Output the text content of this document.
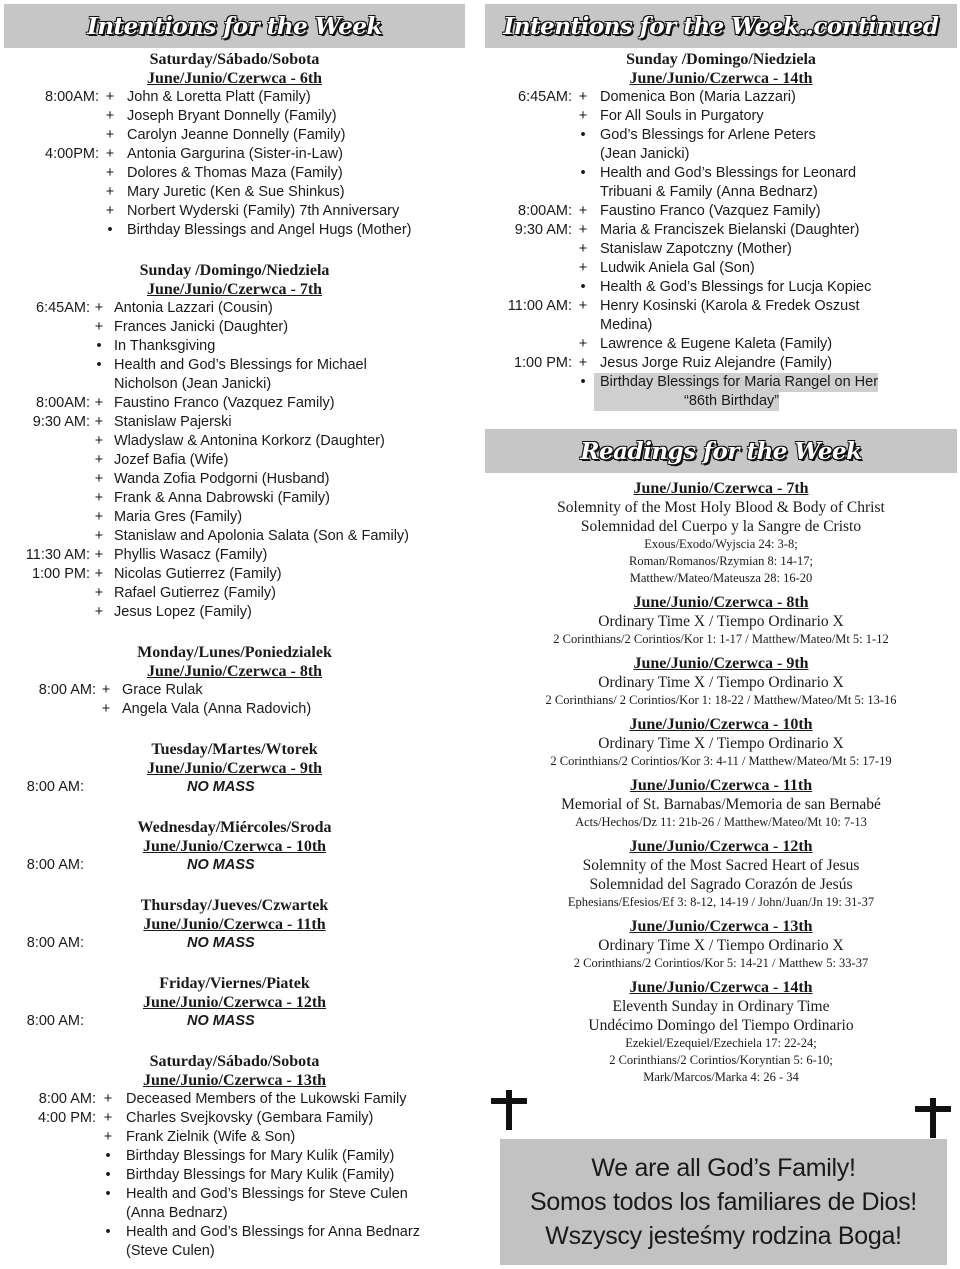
Intentions for the Week
Saturday/Sábado/Sobota
June/Junio/Czerwca - 6th
8:00AM: + John & Loretta Platt (Family)
+ Joseph Bryant Donnelly (Family)
+ Carolyn Jeanne Donnelly (Family)
4:00PM: + Antonia Gargurina (Sister-in-Law)
+ Dolores & Thomas Maza (Family)
+ Mary Juretic (Ken & Sue Shinkus)
+ Norbert Wyderski (Family) 7th Anniversary
• Birthday Blessings and Angel Hugs (Mother)
Sunday /Domingo/Niedziela
June/Junio/Czerwca - 7th
6:45AM: + Antonia Lazzari (Cousin)
+ Frances Janicki (Daughter)
• In Thanksgiving
• Health and God’s Blessings for Michael
Nicholson (Jean Janicki)
8:00AM: + Faustino Franco (Vazquez Family)
9:30 AM: + Stanislaw Pajerski
+ Wladyslaw & Antonina Korkorz (Daughter)
+ Jozef Bafia (Wife)
+ Wanda Zofia Podgorni (Husband)
+ Frank & Anna Dabrowski (Family)
+ Maria Gres (Family)
+ Stanislaw and Apolonia Salata (Son & Family)
11:30 AM: + Phyllis Wasacz (Family)
1:00 PM: + Nicolas Gutierrez (Family)
+ Rafael Gutierrez (Family)
+ Jesus Lopez (Family)
Monday/Lunes/Poniedzialek
June/Junio/Czerwca - 8th
8:00 AM: + Grace Rulak
+ Angela Vala (Anna Radovich)
Tuesday/Martes/Wtorek
June/Junio/Czerwca - 9th
8:00 AM:	NO MASS
Wednesday/Miércoles/Sroda
June/Junio/Czerwca - 10th
8:00 AM:	NO MASS
Thursday/Jueves/Czwartek
June/Junio/Czerwca - 11th
8:00 AM:	NO MASS
Friday/Viernes/Piatek
June/Junio/Czerwca - 12th
8:00 AM:	NO MASS
Saturday/Sábado/Sobota
June/Junio/Czerwca - 13th
8:00 AM: + Deceased Members of the Lukowski Family
4:00 PM: + Charles Svejkovsky (Gembara Family)
+ Frank Zielnik (Wife & Son)
•	Birthday Blessings for Mary Kulik (Family)
•	Birthday Blessings for Mary Kulik (Family)
•	Health and God’s Blessings for Steve Culen
(Anna Bednarz)
•	Health and God’s Blessings for Anna Bednarz
(Steve Culen)
Intentions for the Week..continued
Sunday /Domingo/Niedziela
June/Junio/Czerwca - 14th
6:45AM: + Domenica Bon (Maria Lazzari)
+ For All Souls in Purgatory
• God’s Blessings for Arlene Peters
(Jean Janicki)
• Health and God’s Blessings for Leonard
Tribuani & Family (Anna Bednarz)
8:00AM: + Faustino Franco (Vazquez Family)
9:30 AM: + Maria & Franciszek Bielanski (Daughter)
+ Stanislaw Zapotczny (Mother)
+ Ludwik Aniela Gal (Son)
• Health & God’s Blessings for Lucja Kopiec
11:00 AM: + Henry Kosinski (Karola & Fredek Oszust
Medina)
+ Lawrence & Eugene Kaleta (Family)
1:00 PM: + Jesus Jorge Ruiz Alejandre (Family)
• Birthday Blessings for Maria Rangel on Her
“86th Birthday”
Readings for the Week
June/Junio/Czerwca - 7th
Solemnity of the Most Holy Blood & Body of Christ
Solemnidad del Cuerpo y la Sangre de Cristo
Exous/Exodo/Wyjscia 24: 3-8;
Roman/Romanos/Rzymian 8: 14-17;
Matthew/Mateo/Mateusza 28: 16-20
June/Junio/Czerwca - 8th
Ordinary Time X / Tiempo Ordinario X
2 Corinthians/2 Corintios/Kor 1: 1-17 / Matthew/Mateo/Mt 5: 1-12
June/Junio/Czerwca - 9th
Ordinary Time X / Tiempo Ordinario X
2 Corinthians/ 2 Corintios/Kor 1: 18-22 / Matthew/Mateo/Mt 5: 13-16
June/Junio/Czerwca - 10th
Ordinary Time X / Tiempo Ordinario X
2 Corinthians/2 Corintios/Kor 3: 4-11 / Matthew/Mateo/Mt 5: 17-19
June/Junio/Czerwca - 11th
Memorial of St. Barnabas/Memoria de san Bernabé
Acts/Hechos/Dz 11: 21b-26 / Matthew/Mateo/Mt 10: 7-13
June/Junio/Czerwca - 12th
Solemnity of the Most Sacred Heart of Jesus
Solemnidad del Sagrado Corazón de Jesús
Ephesians/Efesios/Ef 3: 8-12, 14-19 / John/Juan/Jn 19: 31-37
June/Junio/Czerwca - 13th
Ordinary Time X / Tiempo Ordinario X
2 Corinthians/2 Corintios/Kor 5: 14-21 / Matthew 5: 33-37
June/Junio/Czerwca - 14th
Eleventh Sunday in Ordinary Time
Undécimo Domingo del Tiempo Ordinario
Ezekiel/Ezequiel/Ezechiela 17: 22-24;
2 Corinthians/2 Corintios/Koryntian 5: 6-10;
Mark/Marcos/Marka 4: 26 - 34
We are all God’s Family!
Somos todos los familiares de Dios!
Wszyscy jesteśmy rodzina Boga!
